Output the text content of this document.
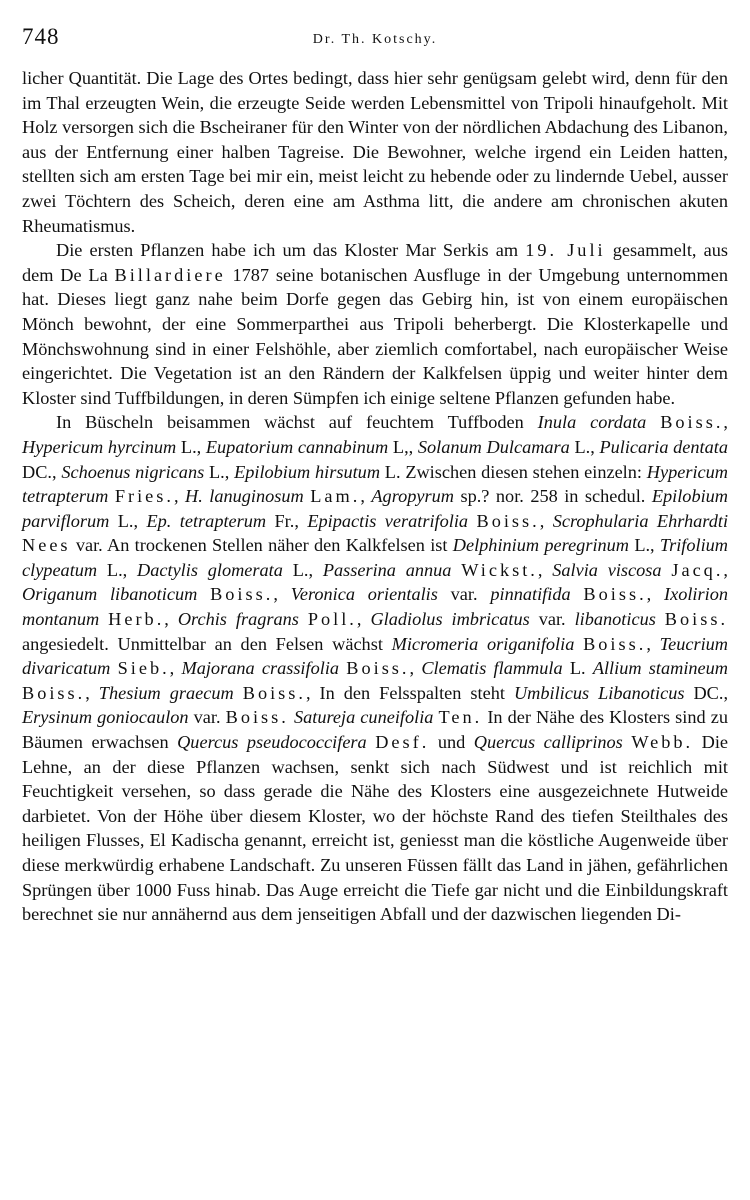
748	Dr. Th. Kotschy.

licher Quantität. Die Lage des Ortes bedingt, dass hier sehr genügsam gelebt wird, denn für den im Thal erzeugten Wein, die erzeugte Seide werden Lebensmittel von Tripoli hinaufgeholt. Mit Holz versorgen sich die Bscheiraner für den Winter von der nördlichen Abdachung des Libanon, aus der Entfernung einer halben Tagreise. Die Bewohner, welche irgend ein Leiden hatten, stellten sich am ersten Tage bei mir ein, meist leicht zu hebende oder zu lindernde Uebel, ausser zwei Töchtern des Scheich, deren eine am Asthma litt, die andere am chronischen akuten Rheumatismus.

Die ersten Pflanzen habe ich um das Kloster Mar Serkis am 19. Juli gesammelt, aus dem De La Billardiere 1787 seine botanischen Ausfluge in der Umgebung unternommen hat. Dieses liegt ganz nahe beim Dorfe gegen das Gebirg hin, ist von einem europäischen Mönch bewohnt, der eine Sommerparthei aus Tripoli beherbergt. Die Klosterkapelle und Mönchswohnung sind in einer Felshöhle, aber ziemlich comfortabel, nach europäischer Weise eingerichtet. Die Vegetation ist an den Rändern der Kalkfelsen üppig und weiter hinter dem Kloster sind Tuffbildungen, in deren Sümpfen ich einige seltene Pflanzen gefunden habe.

In Büscheln beisammen wächst auf feuchtem Tuffboden Inula cordata Boiss., Hypericum hyrcinum L., Eupatorium cannabinum L,, Solanum Dulcamara L., Pulicaria dentata DC., Schoenus nigricans L., Epilobium hirsutum L. Zwischen diesen stehen einzeln: Hypericum tetrapterum Fries., H. lanuginosum Lam., Agropyrum sp.? nor. 258 in schedul. Epilobium parviflorum L., Ep. tetrapterum Fr., Epipactis veratrifolia Boiss., Scrophularia Ehrhardti Nees var. An trockenen Stellen näher den Kalkfelsen ist Delphinium peregrinum L., Trifolium clypeatum L., Dactylis glomerata L., Passerina annua Wickst., Salvia viscosa Jacq., Origanum libanoticum Boiss., Veronica orientalis var. pinnatifida Boiss., Ixolirion montanum Herb., Orchis fragrans Poll., Gladiolus imbricatus var. libanoticus Boiss. angesiedelt. Unmittelbar an den Felsen wächst Micromeria origanifolia Boiss., Teucrium divaricatum Sieb., Majorana crassifolia Boiss., Clematis flammula L. Allium stamineum Boiss., Thesium graecum Boiss., In den Felsspalten steht Umbilicus Libanoticus DC., Erysinum goniocaulon var. Boiss. Satureja cuneifolia Ten. In der Nähe des Klosters sind zu Bäumen erwachsen Quercus pseudococcifera Desf. und Quercus calliprinos Webb. Die Lehne, an der diese Pflanzen wachsen, senkt sich nach Südwest und ist reichlich mit Feuchtigkeit versehen, so dass gerade die Nähe des Klosters eine ausgezeichnete Hutweide darbietet. Von der Höhe über diesem Kloster, wo der höchste Rand des tiefen Steilthales des heiligen Flusses, El Kadischa genannt, erreicht ist, geniesst man die köstliche Augenweide über diese merkwürdig erhabene Landschaft. Zu unseren Füssen fällt das Land in jähen, gefährlichen Sprüngen über 1000 Fuss hinab. Das Auge erreicht die Tiefe gar nicht und die Einbildungskraft berechnet sie nur annähernd aus dem jenseitigen Abfall und der dazwischen liegenden Di-
